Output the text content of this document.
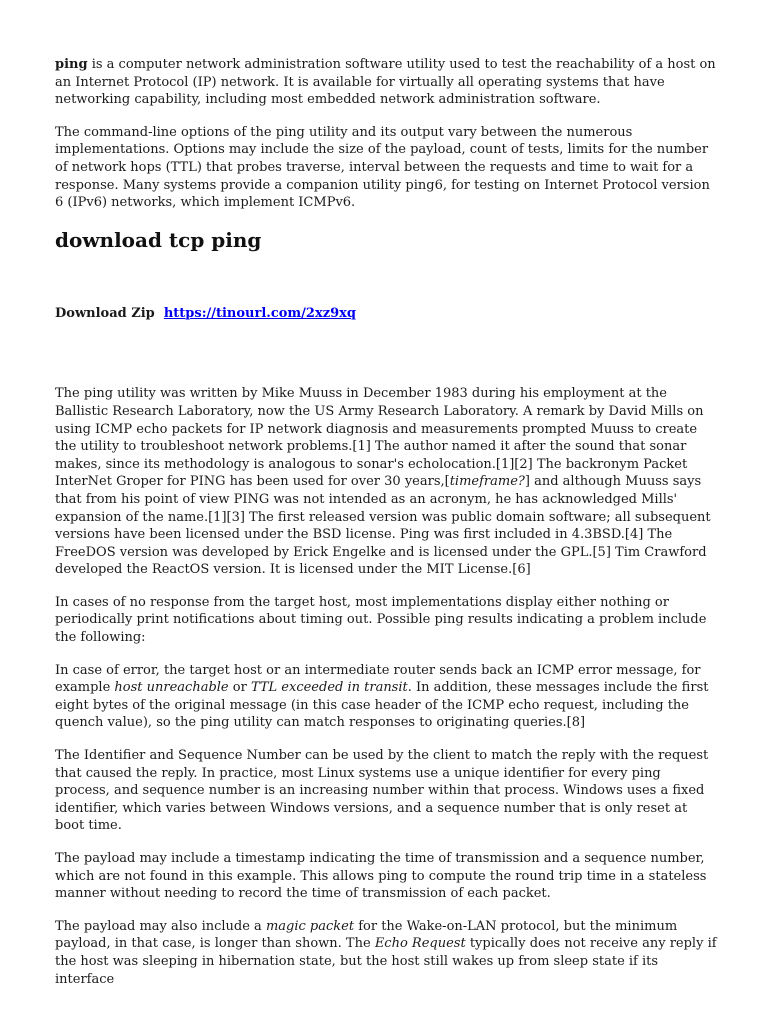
ping is a computer network administration software utility used to test the reachability of a host on an Internet Protocol (IP) network. It is available for virtually all operating systems that have networking capability, including most embedded network administration software.

The command-line options of the ping utility and its output vary between the numerous implementations. Options may include the size of the payload, count of tests, limits for the number of network hops (TTL) that probes traverse, interval between the requests and time to wait for a response. Many systems provide a companion utility ping6, for testing on Internet Protocol version 6 (IPv6) networks, which implement ICMPv6.

download tcp ping
Download Zip https://tinourl.com/2xz9xq

The ping utility was written by Mike Muuss in December 1983 during his employment at the Ballistic Research Laboratory, now the US Army Research Laboratory. A remark by David Mills on using ICMP echo packets for IP network diagnosis and measurements prompted Muuss to create the utility to troubleshoot network problems.[1] The author named it after the sound that sonar makes, since its methodology is analogous to sonar's echolocation.[1][2] The backronym Packet InterNet Groper for PING has been used for over 30 years,[timeframe?] and although Muuss says that from his point of view PING was not intended as an acronym, he has acknowledged Mills' expansion of the name.[1][3] The first released version was public domain software; all subsequent versions have been licensed under the BSD license. Ping was first included in 4.3BSD.[4] The FreeDOS version was developed by Erick Engelke and is licensed under the GPL.[5] Tim Crawford developed the ReactOS version. It is licensed under the MIT License.[6]

In cases of no response from the target host, most implementations display either nothing or periodically print notifications about timing out. Possible ping results indicating a problem include the following:

In case of error, the target host or an intermediate router sends back an ICMP error message, for example host unreachable or TTL exceeded in transit. In addition, these messages include the first eight bytes of the original message (in this case header of the ICMP echo request, including the quench value), so the ping utility can match responses to originating queries.[8]

The Identifier and Sequence Number can be used by the client to match the reply with the request that caused the reply. In practice, most Linux systems use a unique identifier for every ping process, and sequence number is an increasing number within that process. Windows uses a fixed identifier, which varies between Windows versions, and a sequence number that is only reset at boot time.

The payload may include a timestamp indicating the time of transmission and a sequence number, which are not found in this example. This allows ping to compute the round trip time in a stateless manner without needing to record the time of transmission of each packet.

The payload may also include a magic packet for the Wake-on-LAN protocol, but the minimum payload, in that case, is longer than shown. The Echo Request typically does not receive any reply if the host was sleeping in hibernation state, but the host still wakes up from sleep state if its interface
